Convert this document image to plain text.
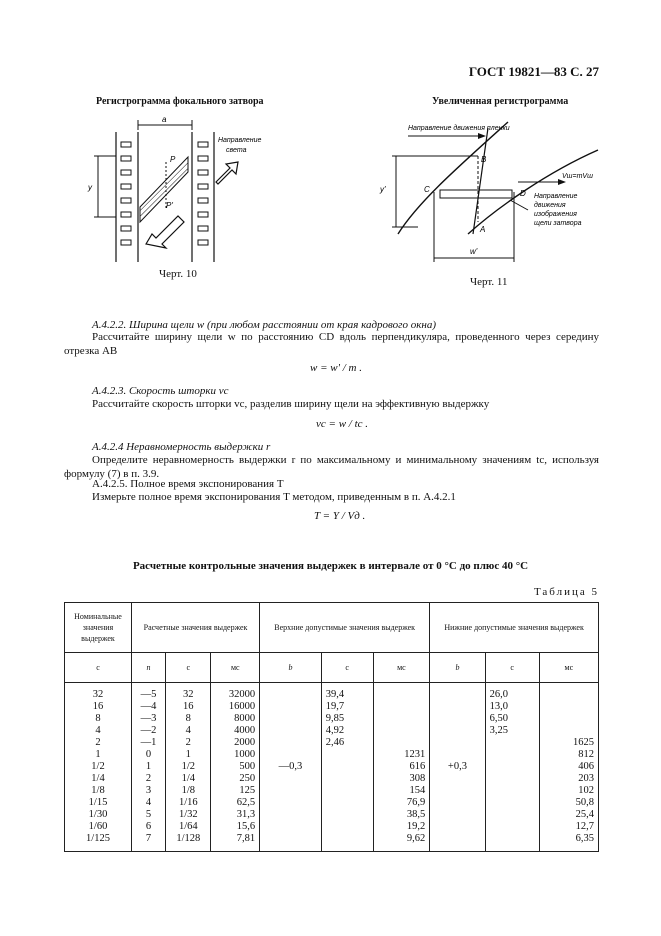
ГОСТ 19821—83 С. 27
Регистрограмма фокального затвора	Увеличенная регистрограмма
a
y
P
P'
Направление
света
Черт. 10
Направление движения пленки
B
C	D
A
Vш=mVш
y'
w'
Направление
движения
изображения
щели затвора
Черт. 11
А.4.2.2. Ширина щели w (при любом расстоянии от края кадрового окна)
Рассчитайте ширину щели w по расстоянию CD вдоль перпендикуляра, проведенного через середину отрезка AB
w = w' / m .
А.4.2.3. Скорость шторки vс
Рассчитайте скорость шторки vс, разделив ширину щели на эффективную выдержку
vс = w / tс .
А.4.2.4 Неравномерность выдержки r
Определите неравномерность выдержки r по максимальному и минимальному значениям tс, используя формулу (7) в п. 3.9.
А.4.2.5. Полное время экспонирования T
Измерьте полное время экспонирования T методом, приведенным в п. А.4.2.1
T = Y / Vд .
Расчетные контрольные значения выдержек в интервале от 0 °С до плюс 40 °С
Таблица 5
Номинальные значения выдержек	Расчетные значения выдержек			Верхние допустимые значения выдержек			Нижние допустимые значения выдержек		
с	n	с	мс	b	с	мс	b	с	мс
32	—5	32	32000		39,4			26,0	
16	—4	16	16000		19,7			13,0	
8	—3	8	8000		9,85			6,50	
4	—2	4	4000		4,92			3,25	
2	—1	2	2000		2,46				1625
1	0	1	1000			1231			812
1/2	1	1/2	500	—0,3		616	+0,3		406
1/4	2	1/4	250			308			203
1/8	3	1/8	125			154			102
1/15	4	1/16	62,5			76,9			50,8
1/30	5	1/32	31,3			38,5			25,4
1/60	6	1/64	15,6			19,2			12,7
1/125	7	1/128	7,81			9,62			6,35
